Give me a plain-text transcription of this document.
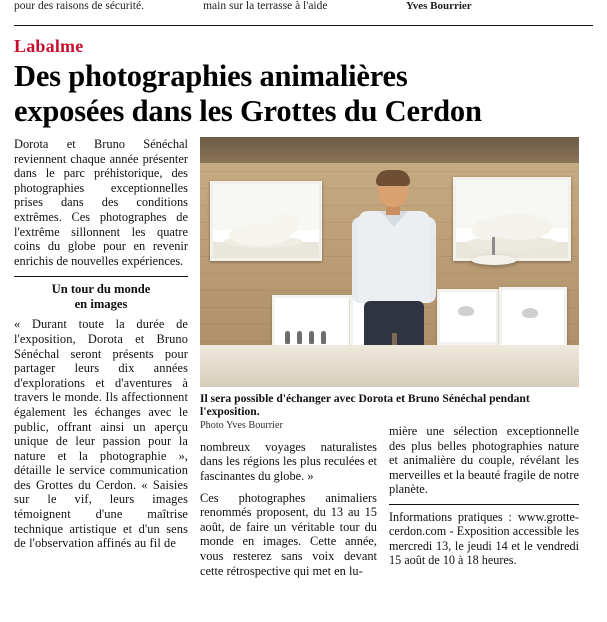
pour des raisons de sécurité.	main sur la terrasse à l'aide	Yves Bourrier
Labalme
Des photographies animalières
exposées dans les Grottes du Cerdon

Dorota et Bruno Sénéchal reviennent chaque année présenter dans le parc préhistorique, des photographies exceptionnelles prises dans des conditions extrêmes. Ces photographes de l'extrême sillonnent les quatre coins du globe pour en revenir enrichis de nouvelles expériences.

Un tour du monde
en images

« Durant toute la durée de l'exposition, Dorota et Bruno Sénéchal seront présents pour partager leurs dix années d'explorations et d'aventures à travers le monde. Ils affectionnent également les échanges avec le public, offrant ainsi un aperçu unique de leur passion pour la nature et la photographie », détaille le service communication des Grottes du Cerdon. « Saisies sur le vif, leurs images témoignent d'une maîtrise technique artistique et d'un sens de l'observation affinés au fil de

Il sera possible d'échanger avec Dorota et Bruno Sénéchal pendant l'exposition.
Photo Yves Bourrier

nombreux voyages naturalistes dans les régions les plus reculées et fascinantes du globe. »

Ces photographes animaliers renommés proposent, du 13 au 15 août, de faire un véritable tour du monde en images. Cette année, vous resterez sans voix devant cette rétrospective qui met en lu-

mière une sélection exceptionnelle des plus belles photographies nature et animalière du couple, révélant les merveilles et la beauté fragile de notre planète.

Informations pratiques : www.grotte-cerdon.com - Exposition accessible les mercredi 13, le jeudi 14 et le vendredi 15 août de 10 à 18 heures.
